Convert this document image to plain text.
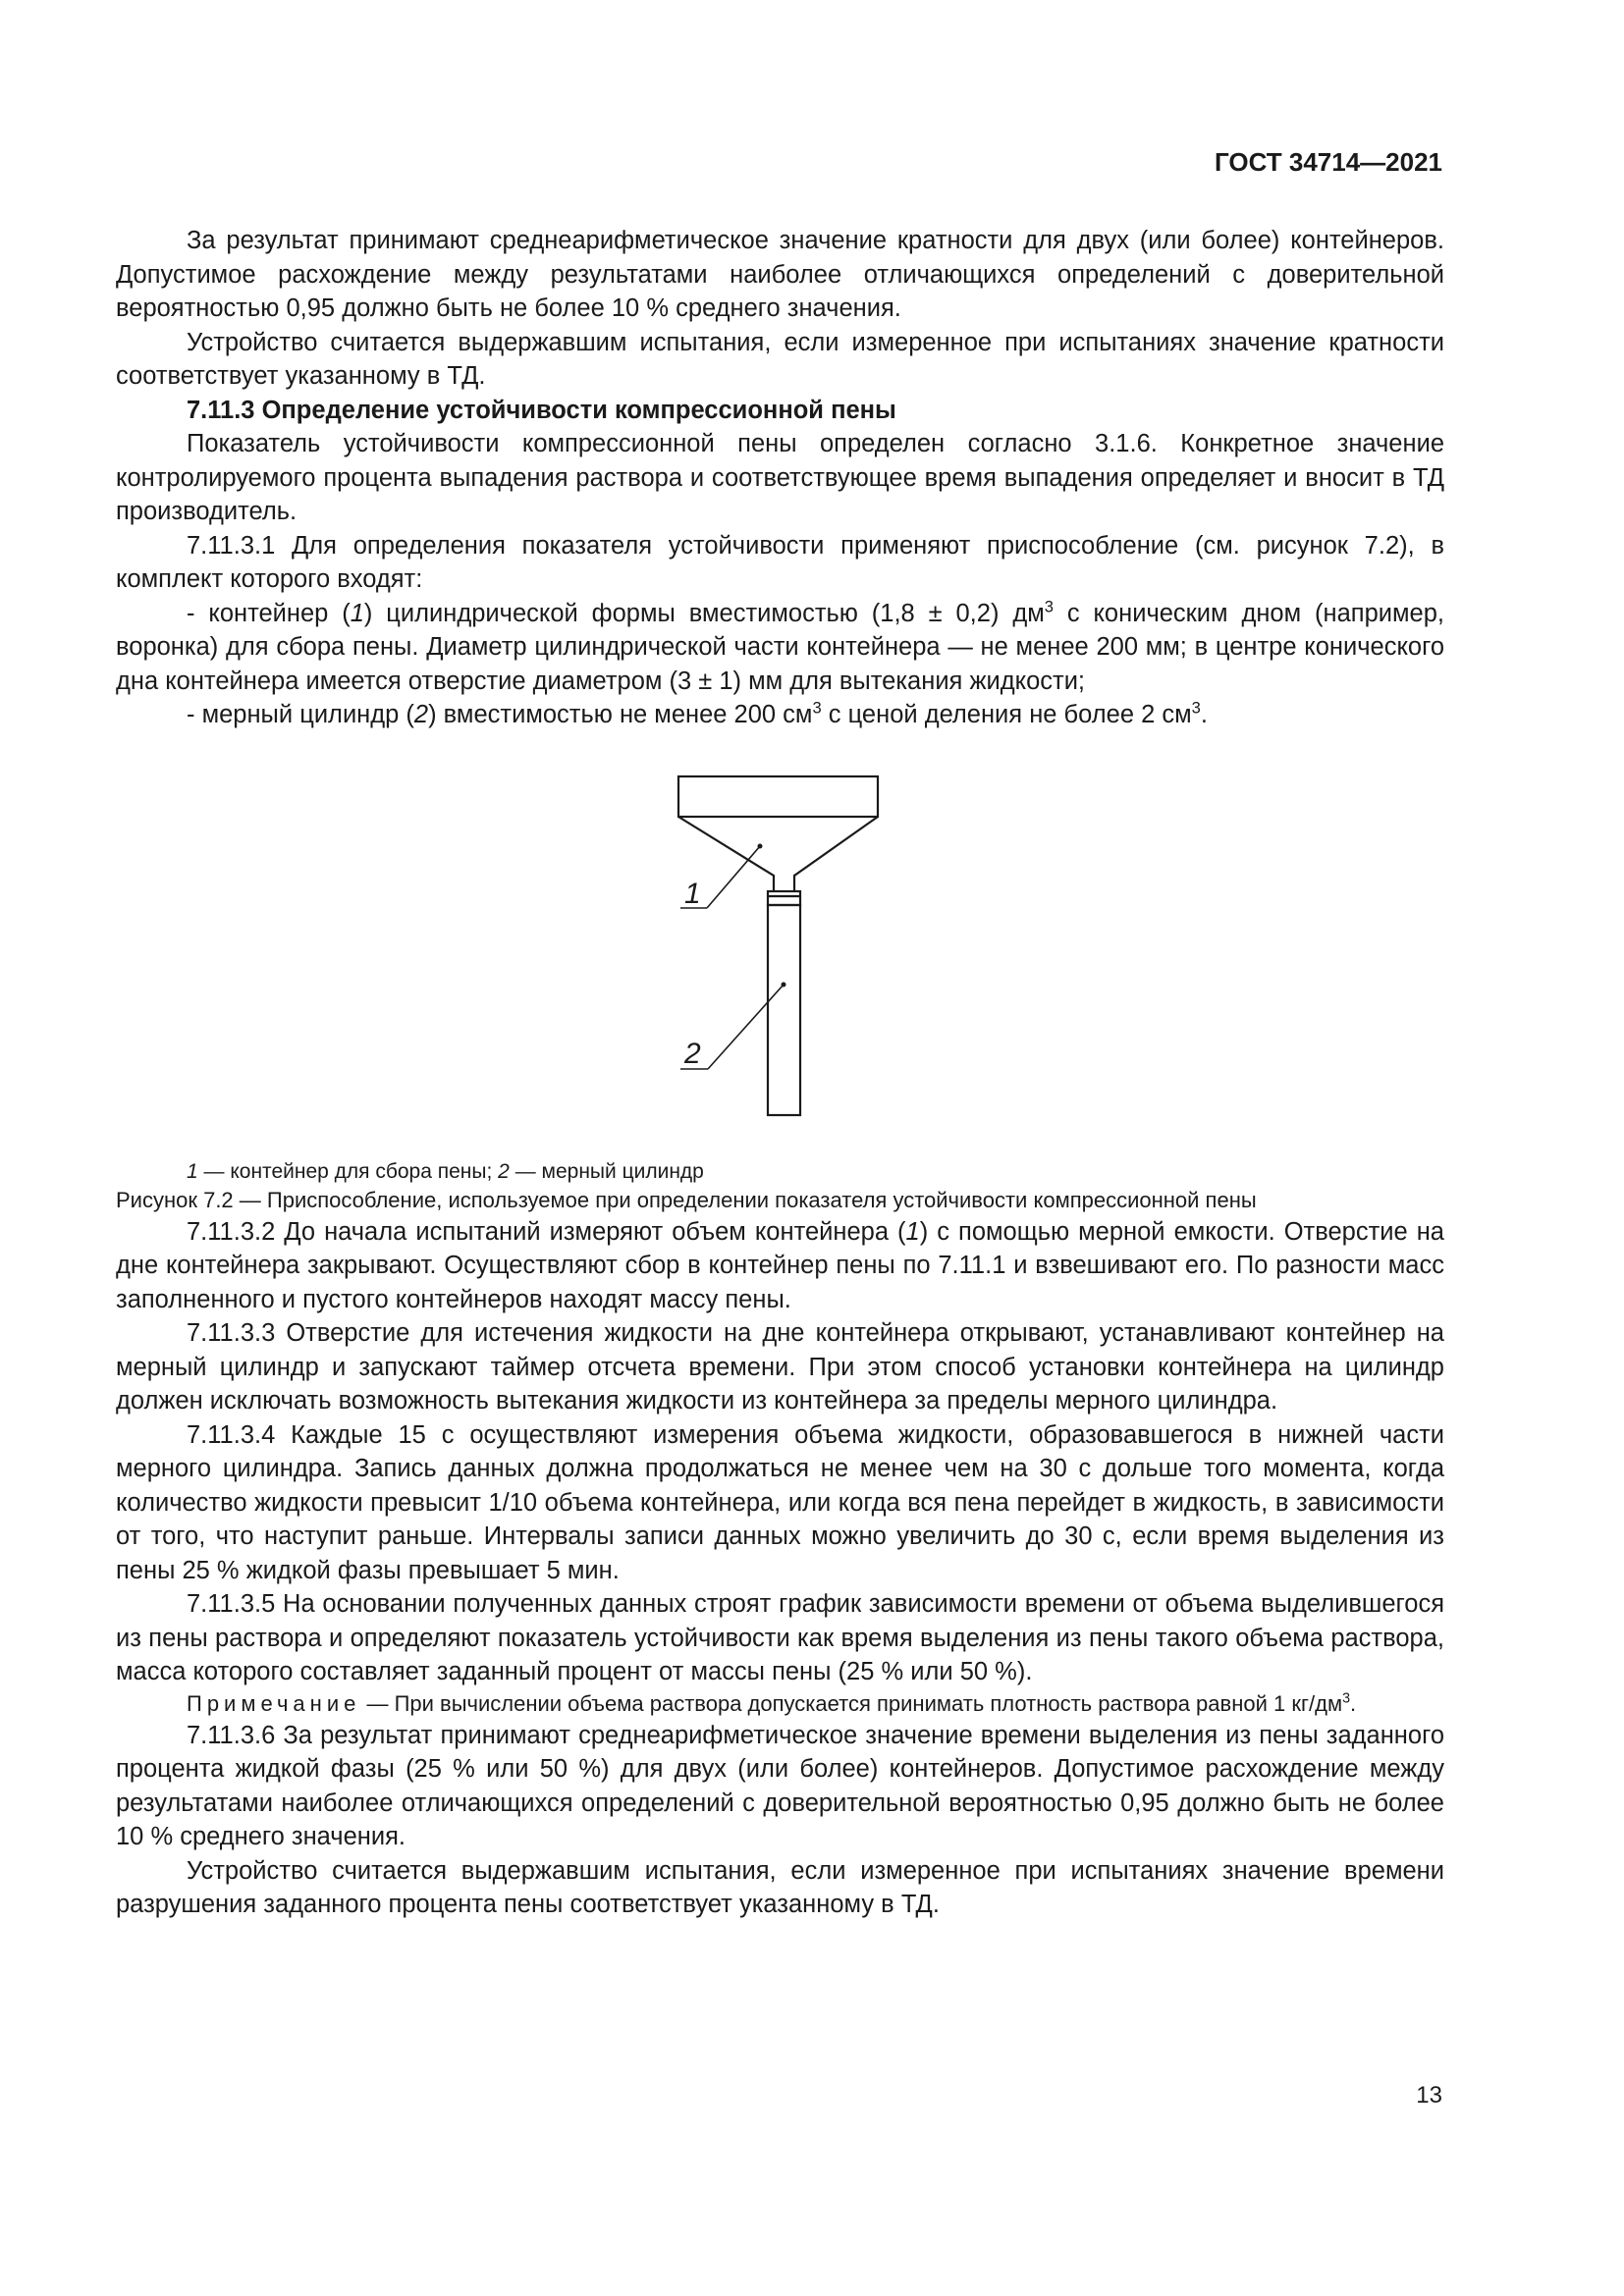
ГОСТ 34714—2021

За результат принимают среднеарифметическое значение кратности для двух (или более) контейнеров. Допустимое расхождение между результатами наиболее отличающихся определений с доверительной вероятностью 0,95 должно быть не более 10 % среднего значения.

Устройство считается выдержавшим испытания, если измеренное при испытаниях значение кратности соответствует указанному в ТД.

7.11.3 Определение устойчивости компрессионной пены

Показатель устойчивости компрессионной пены определен согласно 3.1.6. Конкретное значение контролируемого процента выпадения раствора и соответствующее время выпадения определяет и вносит в ТД производитель.

7.11.3.1 Для определения показателя устойчивости применяют приспособление (см. рисунок 7.2), в комплект которого входят:

- контейнер (1) цилиндрической формы вместимостью (1,8 ± 0,2) $дм^3$ с коническим дном (например, воронка) для сбора пены. Диаметр цилиндрической части контейнера — не менее 200 мм; в центре конического дна контейнера имеется отверстие диаметром (3 ± 1) мм для вытекания жидкости;

- мерный цилиндр (2) вместимостью не менее 200 $см^3$ с ценой деления не более 2 $см^3$.

1
2

1 — контейнер для сбора пены; 2 — мерный цилиндр

Рисунок 7.2 — Приспособление, используемое при определении показателя устойчивости компрессионной пены

7.11.3.2 До начала испытаний измеряют объем контейнера (1) с помощью мерной емкости. Отверстие на дне контейнера закрывают. Осуществляют сбор в контейнер пены по 7.11.1 и взвешивают его. По разности масс заполненного и пустого контейнеров находят массу пены.

7.11.3.3 Отверстие для истечения жидкости на дне контейнера открывают, устанавливают контейнер на мерный цилиндр и запускают таймер отсчета времени. При этом способ установки контейнера на цилиндр должен исключать возможность вытекания жидкости из контейнера за пределы мерного цилиндра.

7.11.3.4 Каждые 15 с осуществляют измерения объема жидкости, образовавшегося в нижней части мерного цилиндра. Запись данных должна продолжаться не менее чем на 30 с дольше того момента, когда количество жидкости превысит 1/10 объема контейнера, или когда вся пена перейдет в жидкость, в зависимости от того, что наступит раньше. Интервалы записи данных можно увеличить до 30 с, если время выделения из пены 25 % жидкой фазы превышает 5 мин.

7.11.3.5 На основании полученных данных строят график зависимости времени от объема выделившегося из пены раствора и определяют показатель устойчивости как время выделения из пены такого объема раствора, масса которого составляет заданный процент от массы пены (25 % или 50 %).

Примечание — При вычислении объема раствора допускается принимать плотность раствора равной 1 $кг/дм^3$.

7.11.3.6 За результат принимают среднеарифметическое значение времени выделения из пены заданного процента жидкой фазы (25 % или 50 %) для двух (или более) контейнеров. Допустимое расхождение между результатами наиболее отличающихся определений с доверительной вероятностью 0,95 должно быть не более 10 % среднего значения.

Устройство считается выдержавшим испытания, если измеренное при испытаниях значение времени разрушения заданного процента пены соответствует указанному в ТД.

13
